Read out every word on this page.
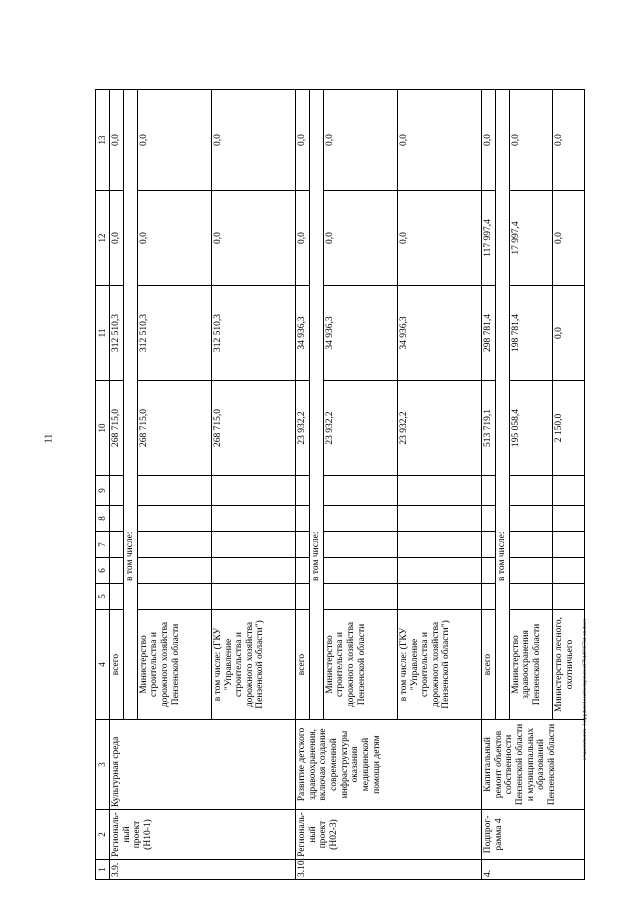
11
1	2	3	4	5	6	7	8	9	10	11	12	13
3.9.	Региональ-ный проект (Н10-1)	Культурная среда	всего						268 715,0	312 510,3	0,0	0,0
			в том числе:									
			Министерство строительства и дорожного хозяйства Пензенской области						268 715,0	312 510,3	0,0	0,0
			в том числе: (ГКУ "Управление строительства и дорожного хозяйства Пензенской области")						268 715,0	312 510,3	0,0	0,0
3.10.	Региональ-ный проект (Н02-3)	Развитие детского здравоохранения, включая создание современной инфраструктуры оказания медицинской помощи детям	всего						23 932,2	34 936,3	0,0	0,0
			в том числе:									
			Министерство строительства и дорожного хозяйства Пензенской области						23 932,2	34 936,3	0,0	0,0
			в том числе: (ГКУ "Управление строительства и дорожного хозяйства Пензенской области")						23 932,2	34 936,3	0,0	0,0
4.	Подпрог-рамма 4	Капитальный ремонт объектов собственности Пензенской области и муниципальных образований Пензенской области	всего						513 719,1	298 781,4	117 997,4	0,0
			в том числе:									
			Министерство здравоохранения Пензенской области						195 058,4	198 781,4	17 997,4	0,0
			Министерство лесного, охотничьего						2 150,0	0,0	0,0	0,0
c:\users\borok~1\appdata\local\temp\notes879449\6734-sn.docx
